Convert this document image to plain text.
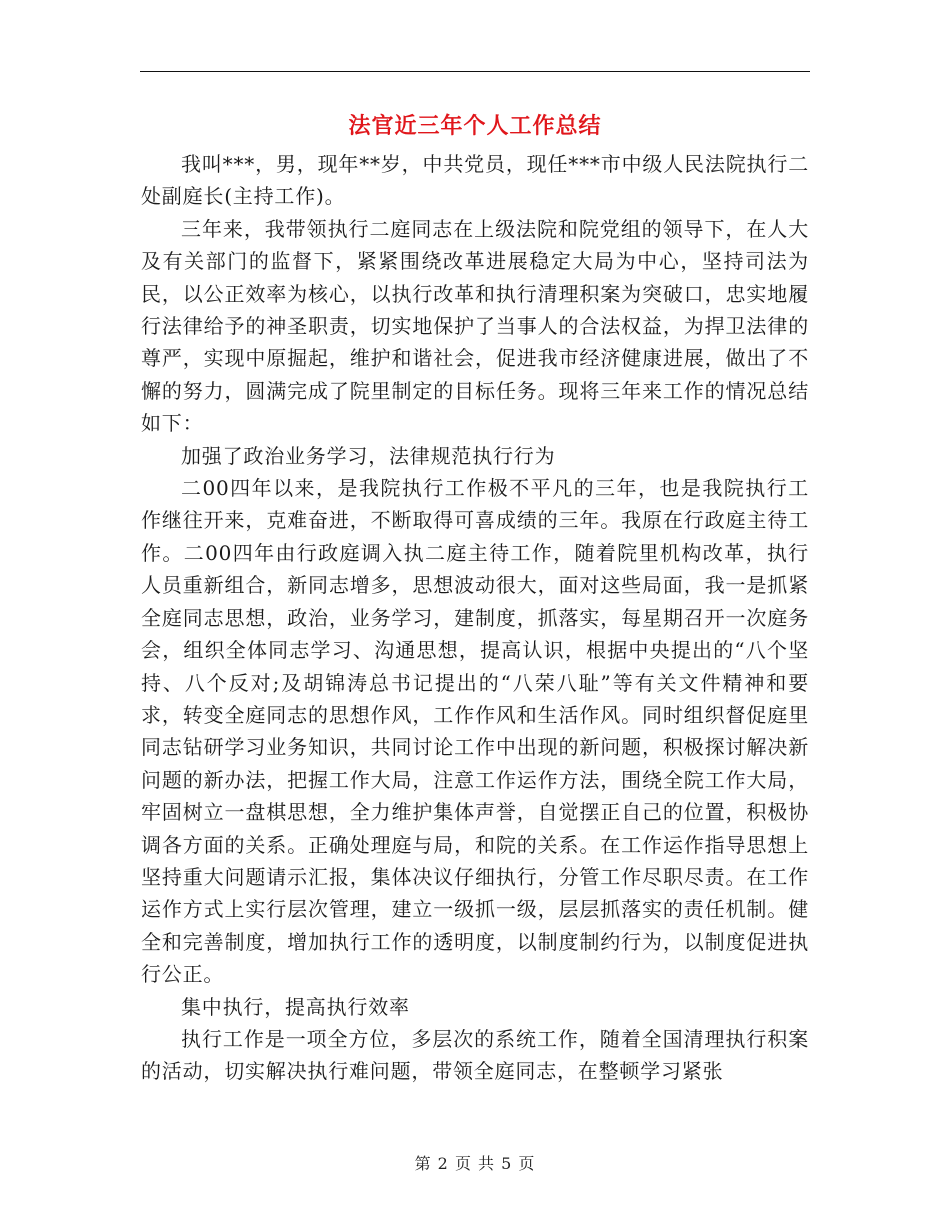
法官近三年个人工作总结

我叫***，男，现年**岁，中共党员，现任***市中级人民法院执行二处副庭长(主持工作)。

三年来，我带领执行二庭同志在上级法院和院党组的领导下，在人大及有关部门的监督下，紧紧围绕改革进展稳定大局为中心，坚持司法为民，以公正效率为核心，以执行改革和执行清理积案为突破口，忠实地履行法律给予的神圣职责，切实地保护了当事人的合法权益，为捍卫法律的尊严，实现中原掘起，维护和谐社会，促进我市经济健康进展，做出了不懈的努力，圆满完成了院里制定的目标任务。现将三年来工作的情况总结如下：

加强了政治业务学习，法律规范执行行为

二00四年以来，是我院执行工作极不平凡的三年，也是我院执行工作继往开来，克难奋进，不断取得可喜成绩的三年。我原在行政庭主待工作。二00四年由行政庭调入执二庭主待工作，随着院里机构改革，执行人员重新组合，新同志增多，思想波动很大，面对这些局面，我一是抓紧全庭同志思想，政治，业务学习，建制度，抓落实，每星期召开一次庭务会，组织全体同志学习、沟通思想，提高认识，根据中央提出的“八个坚持、八个反对;及胡锦涛总书记提出的“八荣八耻”等有关文件精神和要求，转变全庭同志的思想作风，工作作风和生活作风。同时组织督促庭里同志钻研学习业务知识，共同讨论工作中出现的新问题，积极探讨解决新问题的新办法，把握工作大局，注意工作运作方法，围绕全院工作大局，牢固树立一盘棋思想，全力维护集体声誉，自觉摆正自己的位置，积极协调各方面的关系。正确处理庭与局，和院的关系。在工作运作指导思想上坚持重大问题请示汇报，集体决议仔细执行，分管工作尽职尽责。在工作运作方式上实行层次管理，建立一级抓一级，层层抓落实的责任机制。健全和完善制度，增加执行工作的透明度，以制度制约行为，以制度促进执行公正。

集中执行，提高执行效率

执行工作是一项全方位，多层次的系统工作，随着全国清理执行积案的活动，切实解决执行难问题，带领全庭同志，在整顿学习紧张

第 2 页 共 5 页
